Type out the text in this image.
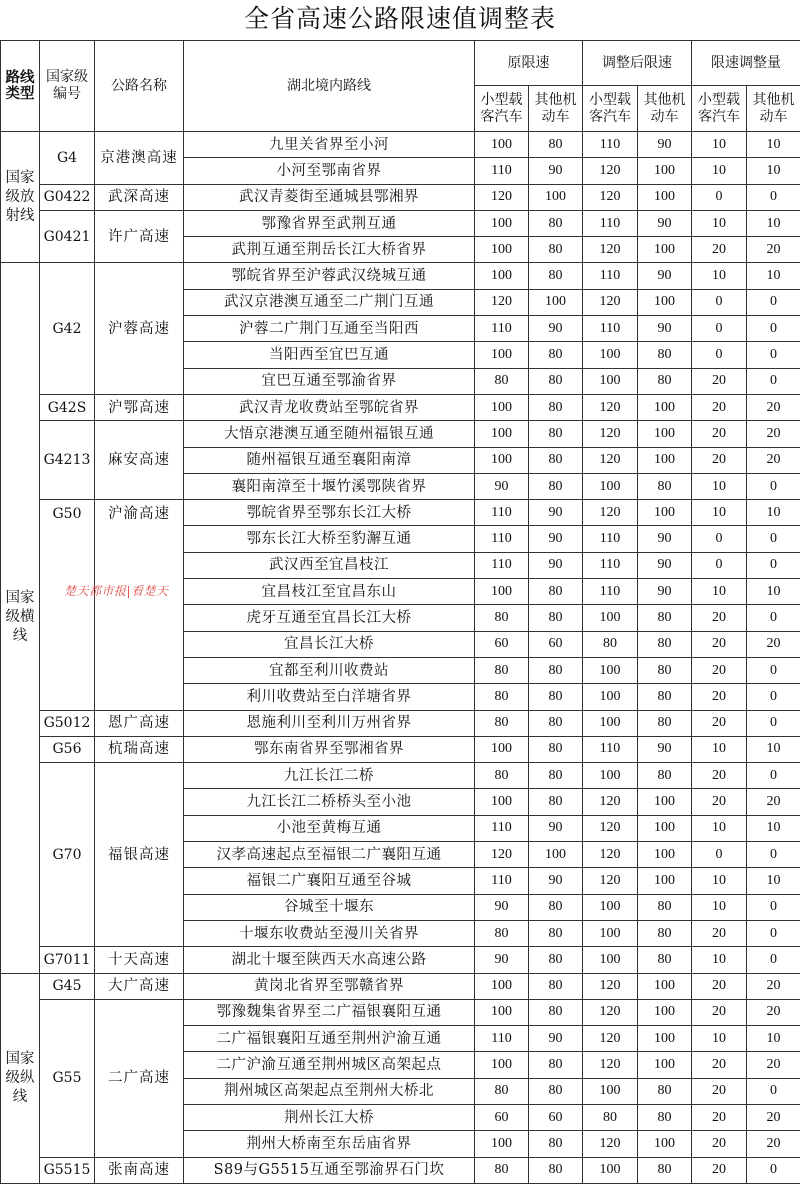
全省高速公路限速值调整表
路线类型	国家级编号	公路名称	湖北境内路线	原限速		调整后限速		限速调整量	
				小型载客汽车	其他机动车	小型载客汽车	其他机动车	小型载客汽车	其他机动车
国家级放射线	G4	京港澳高速	九里关省界至小河	100	80	110	90	10	10
			小河至鄂南省界	110	90	120	100	10	10
	G0422	武深高速	武汉青菱街至通城县鄂湘界	120	100	120	100	0	0
	G0421	许广高速	鄂豫省界至武荆互通	100	80	110	90	10	10
			武荆互通至荆岳长江大桥省界	100	80	120	100	20	20
国家级横线	G42	沪蓉高速	鄂皖省界至沪蓉武汉绕城互通	100	80	110	90	10	10
			武汉京港澳互通至二广荆门互通	120	100	120	100	0	0
			沪蓉二广荆门互通至当阳西	110	90	110	90	0	0
			当阳西至宜巴互通	100	80	100	80	0	0
			宜巴互通至鄂渝省界	80	80	100	80	20	0
	G42S	沪鄂高速	武汉青龙收费站至鄂皖省界	100	80	120	100	20	20
	G4213	麻安高速	大悟京港澳互通至随州福银互通	100	80	120	100	20	20
			随州福银互通至襄阳南漳	100	80	120	100	20	20
			襄阳南漳至十堰竹溪鄂陕省界	90	80	100	80	10	0
	G50	沪渝高速	鄂皖省界至鄂东长江大桥	110	90	120	100	10	10
			鄂东长江大桥至豹澥互通	110	90	110	90	0	0
			武汉西至宜昌枝江	110	90	110	90	0	0
			宜昌枝江至宜昌东山	100	80	110	90	10	10
			虎牙互通至宜昌长江大桥	80	80	100	80	20	0
			宜昌长江大桥	60	60	80	80	20	20
			宜都至利川收费站	80	80	100	80	20	0
			利川收费站至白洋塘省界	80	80	100	80	20	0
	G5012	恩广高速	恩施利川至利川万州省界	80	80	100	80	20	0
	G56	杭瑞高速	鄂东南省界至鄂湘省界	100	80	110	90	10	10
	G70	福银高速	九江长江二桥	80	80	100	80	20	0
			九江长江二桥桥头至小池	100	80	120	100	20	20
			小池至黄梅互通	110	90	120	100	10	10
			汉孝高速起点至福银二广襄阳互通	120	100	120	100	0	0
			福银二广襄阳互通至谷城	110	90	120	100	10	10
			谷城至十堰东	90	80	100	80	10	0
			十堰东收费站至漫川关省界	80	80	100	80	20	0
	G7011	十天高速	湖北十堰至陕西天水高速公路	90	80	100	80	10	0
国家级纵线	G45	大广高速	黄岗北省界至鄂赣省界	100	80	120	100	20	20
	G55	二广高速	鄂豫魏集省界至二广福银襄阳互通	100	80	120	100	20	20
			二广福银襄阳互通至荆州沪渝互通	110	90	120	100	10	10
			二广沪渝互通至荆州城区高架起点	100	80	120	100	20	20
			荆州城区高架起点至荆州大桥北	80	80	100	80	20	0
			荆州长江大桥	60	60	80	80	20	20
			荆州大桥南至东岳庙省界	100	80	120	100	20	20
	G5515	张南高速	S89与G5515互通至鄂渝界石门坎	80	80	100	80	20	0
楚天都市报|看楚天
